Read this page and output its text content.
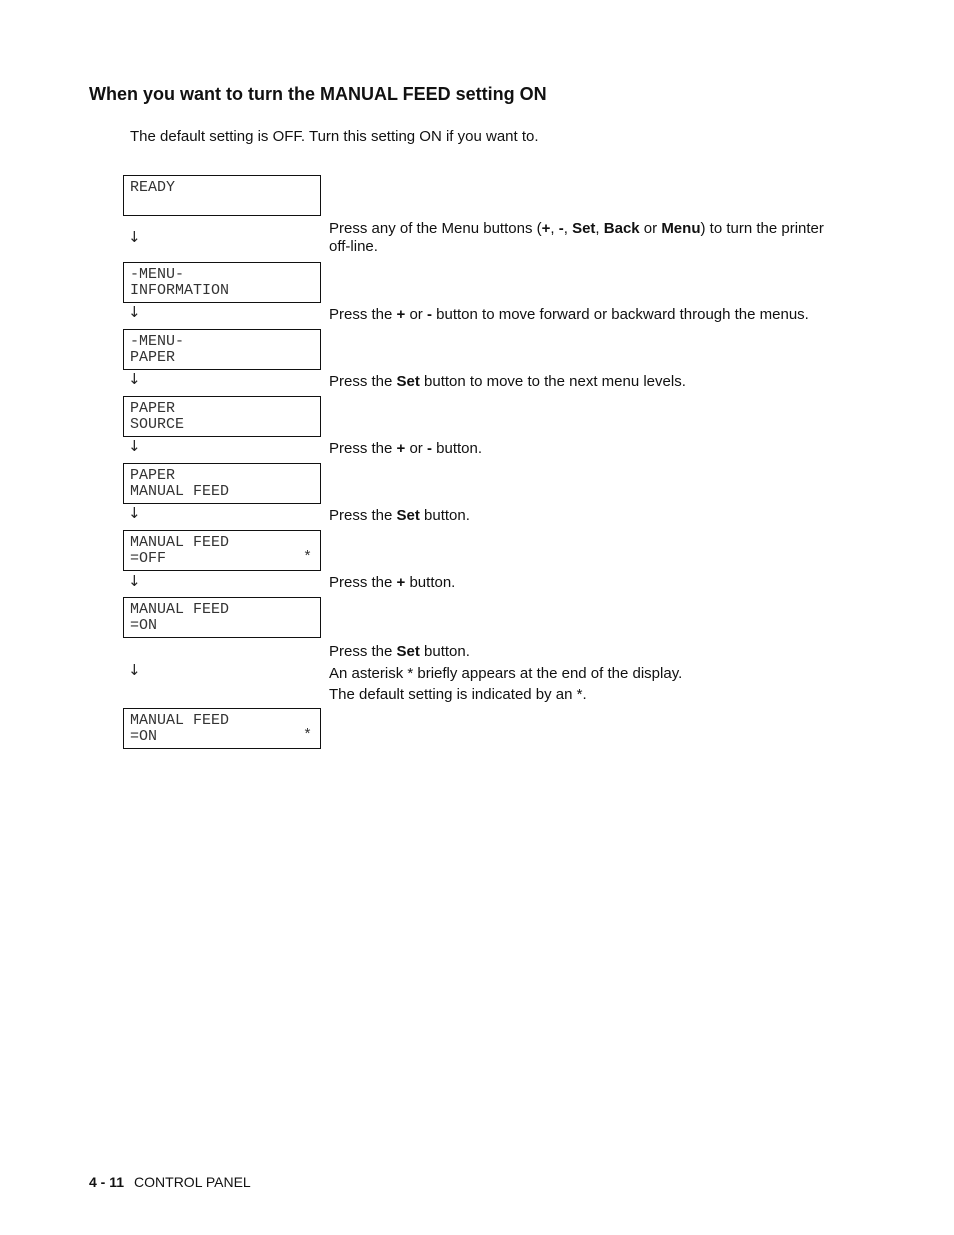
When you want to turn the MANUAL FEED setting ON

The default setting is OFF. Turn this setting ON if you want to.

READY
-MENU-
INFORMATION
-MENU-
PAPER
PAPER
SOURCE
PAPER
MANUAL FEED
MANUAL FEED
=OFF	*
MANUAL FEED
=ON
MANUAL FEED
=ON	*
↓
↓
↓
↓
↓
↓
↓

Press any of the Menu buttons (+, -, Set, Back or Menu) to turn the printer off-line.

Press the + or - button to move forward or backward through the menus.

Press the Set button to move to the next menu levels.

Press the + or - button.

Press the Set button.

Press the + button.

Press the Set button.
An asterisk * briefly appears at the end of the display.
The default setting is indicated by an *.

4 - 11 CONTROL PANEL
